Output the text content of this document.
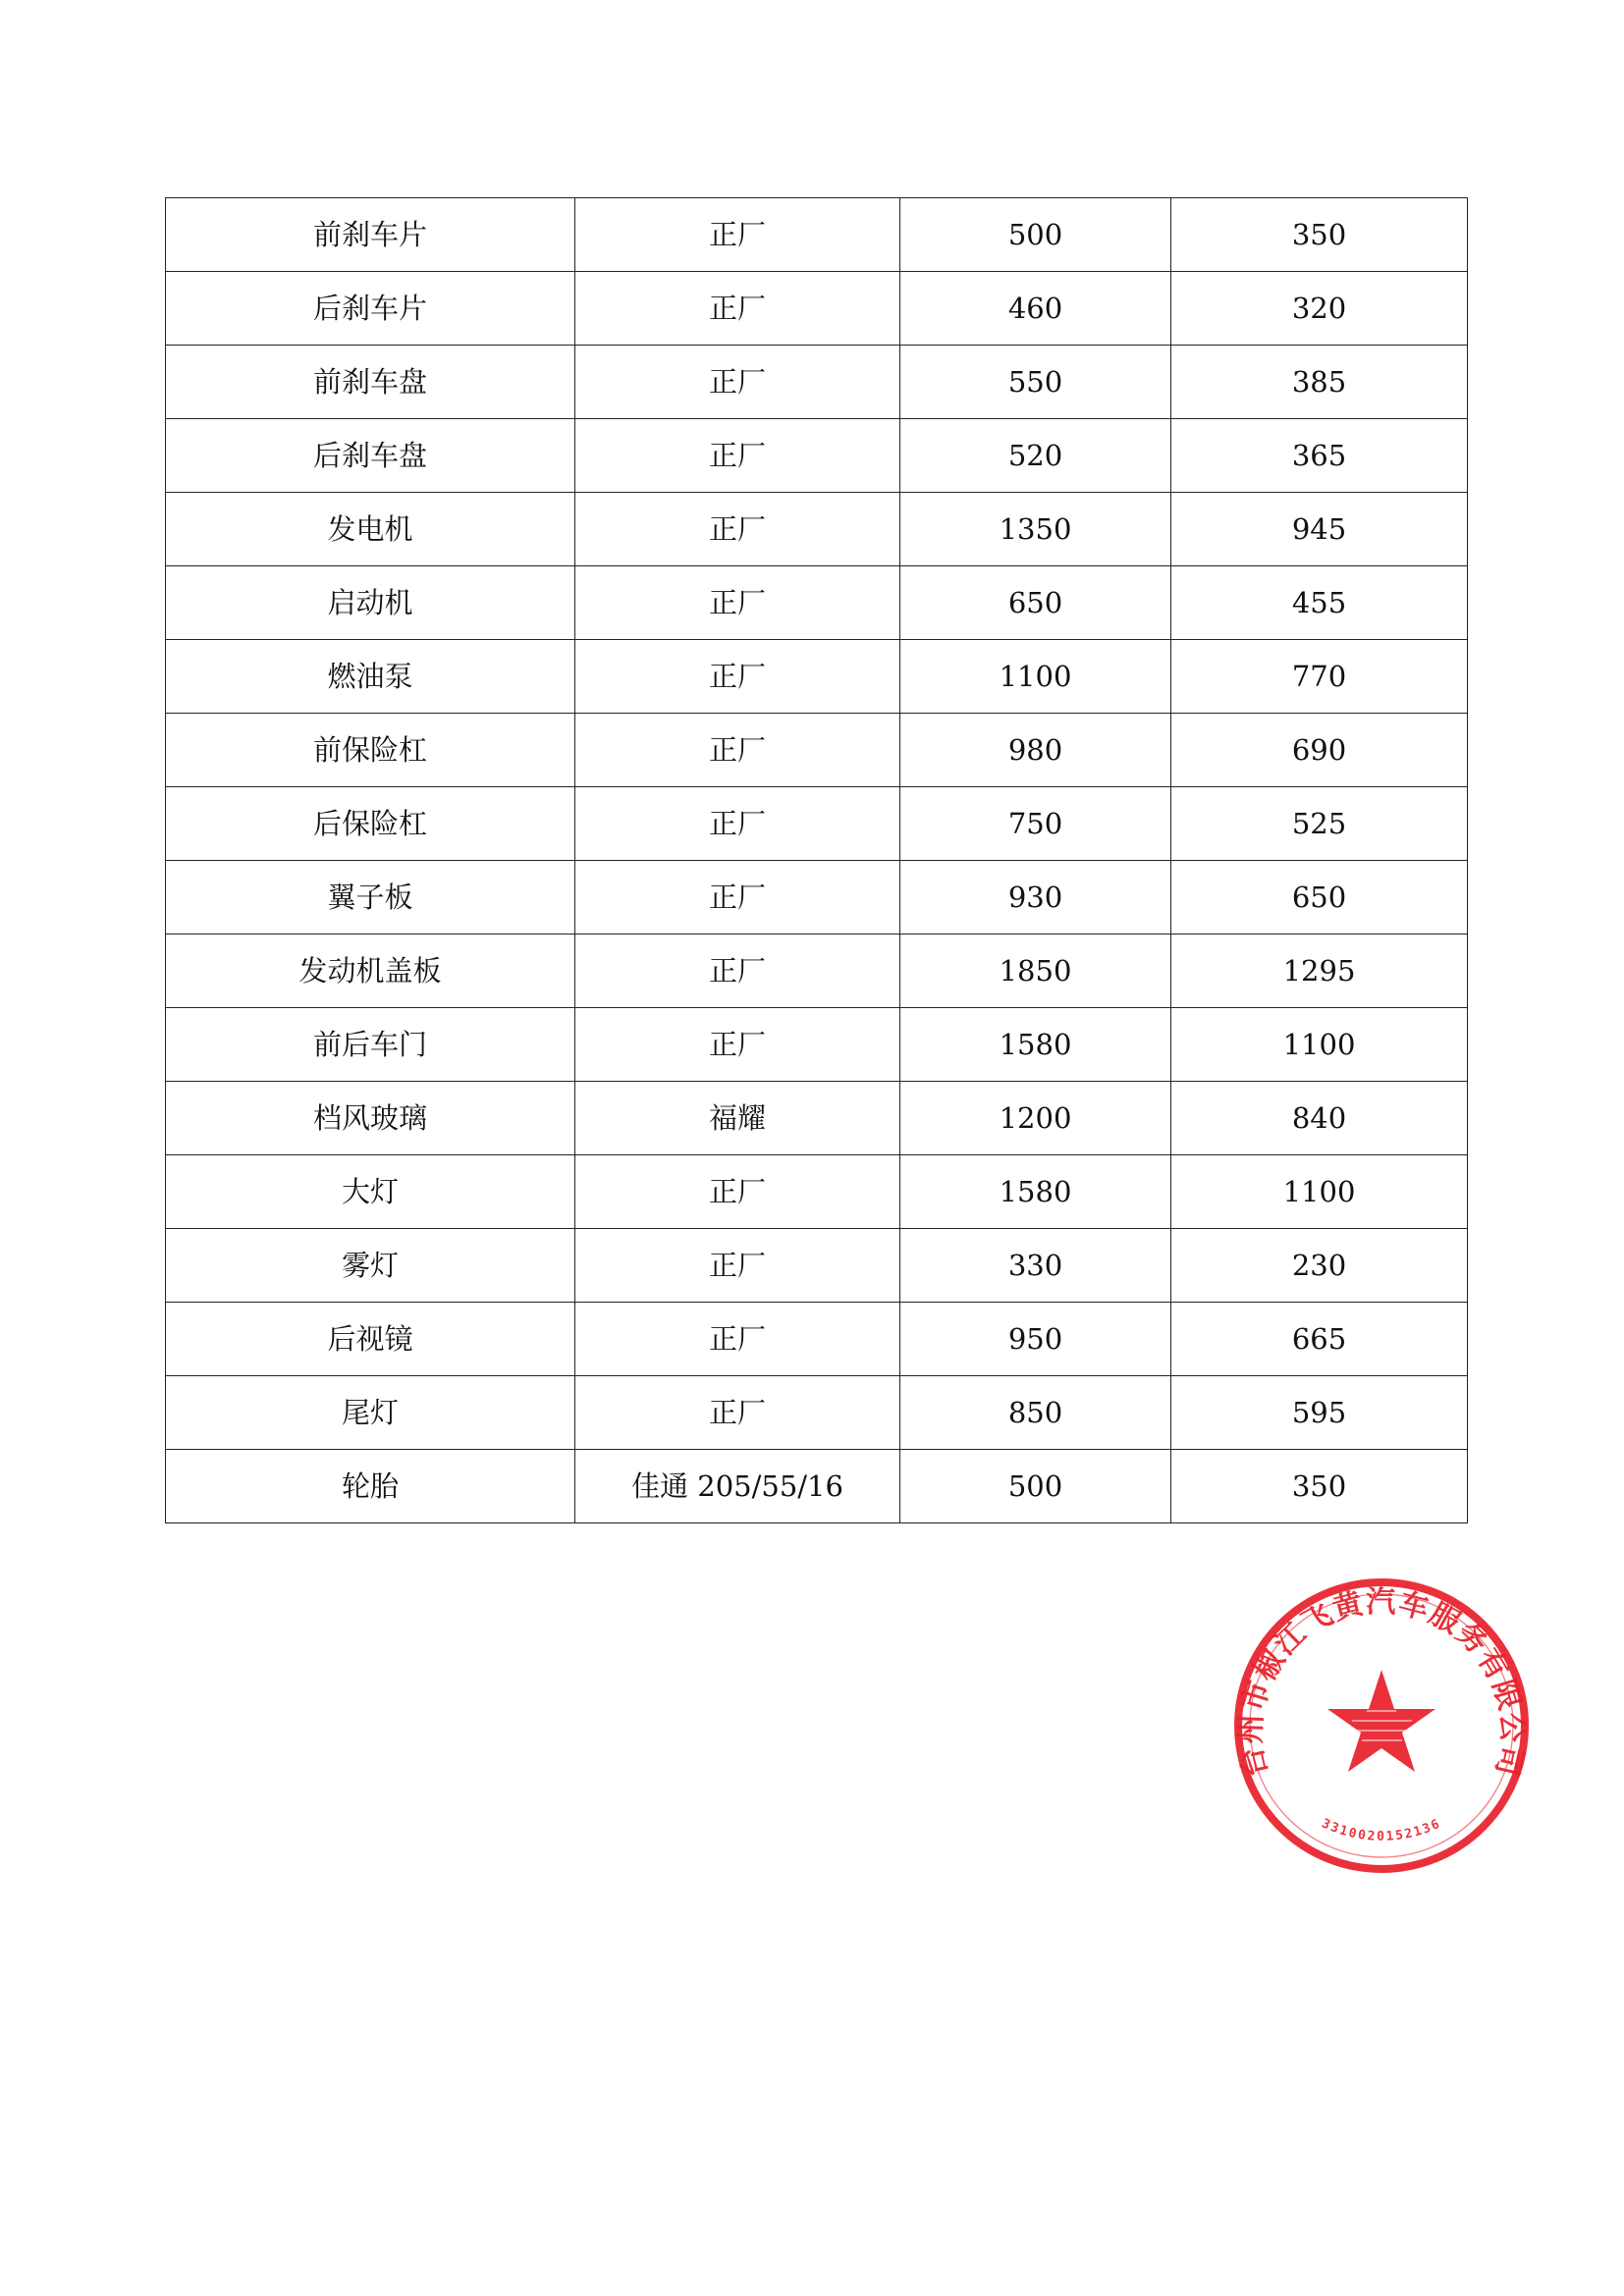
前刹车片	正厂	500	350
后刹车片	正厂	460	320
前刹车盘	正厂	550	385
后刹车盘	正厂	520	365
发电机	正厂	1350	945
启动机	正厂	650	455
燃油泵	正厂	1100	770
前保险杠	正厂	980	690
后保险杠	正厂	750	525
翼子板	正厂	930	650
发动机盖板	正厂	1850	1295
前后车门	正厂	1580	1100
档风玻璃	福耀	1200	840
大灯	正厂	1580	1100
雾灯	正厂	330	230
后视镜	正厂	950	665
尾灯	正厂	850	595
轮胎	佳通 205/55/16	500	350
台州市椒江飞黄汽车服务有限公司
3310020152136
